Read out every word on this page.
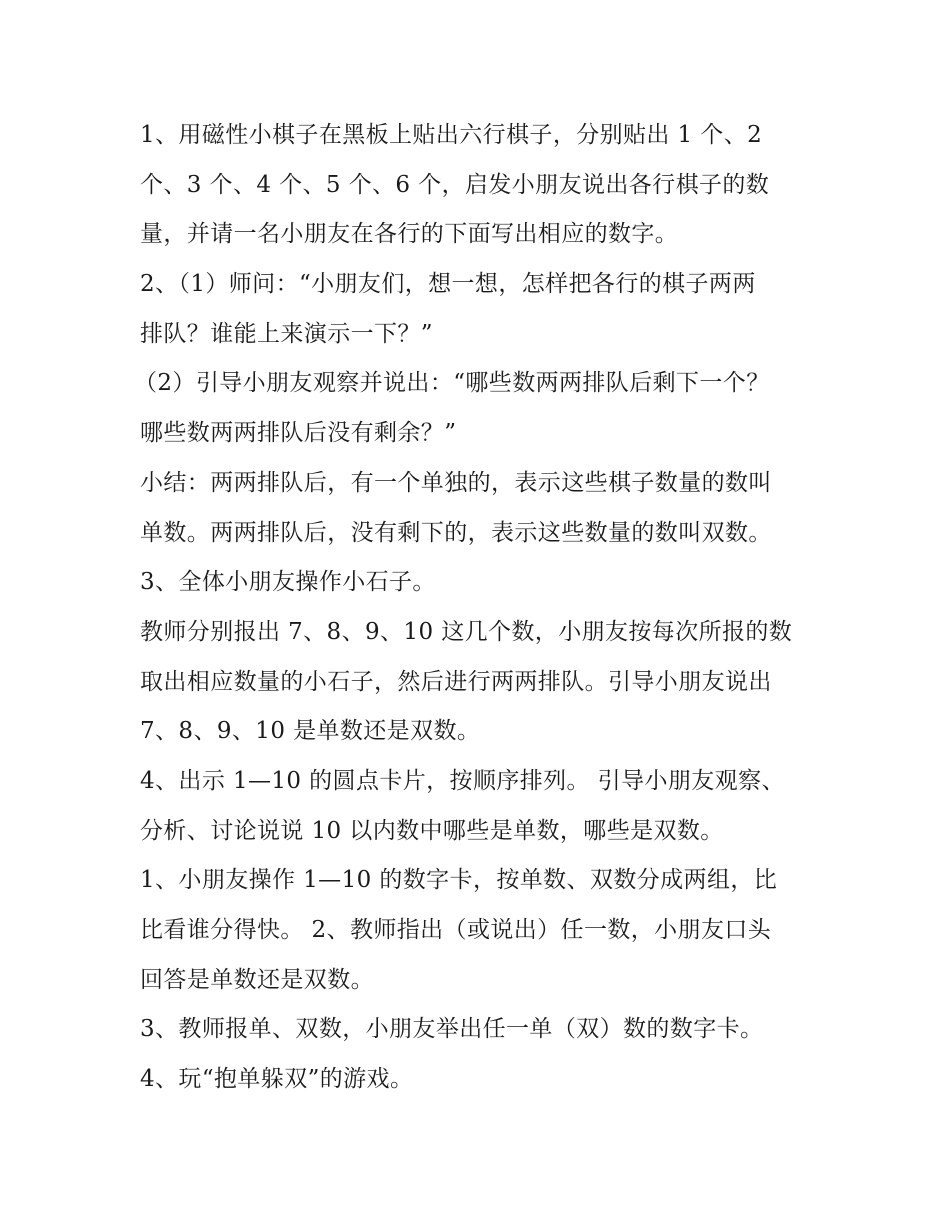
1、用磁性小棋子在黑板上贴出六行棋子，分别贴出 1 个、2
个、3 个、4 个、5 个、6 个，启发小朋友说出各行棋子的数
量，并请一名小朋友在各行的下面写出相应的数字。
2、（1）师问：“小朋友们，想一想，怎样把各行的棋子两两
排队？谁能上来演示一下？”
（2）引导小朋友观察并说出：“哪些数两两排队后剩下一个？
哪些数两两排队后没有剩余？”
小结：两两排队后，有一个单独的，表示这些棋子数量的数叫
单数。两两排队后，没有剩下的，表示这些数量的数叫双数。
3、全体小朋友操作小石子。
教师分别报出 7、8、9、10 这几个数，小朋友按每次所报的数
取出相应数量的小石子，然后进行两两排队。引导小朋友说出
7、8、9、10 是单数还是双数。
4、出示 1—10 的圆点卡片，按顺序排列。 引导小朋友观察、
分析、讨论说说 10 以内数中哪些是单数，哪些是双数。
1、小朋友操作 1—10 的数字卡，按单数、双数分成两组，比
比看谁分得快。 2、教师指出（或说出）任一数，小朋友口头
回答是单数还是双数。
3、教师报单、双数，小朋友举出任一单（双）数的数字卡。
4、玩“抱单躲双”的游戏。
